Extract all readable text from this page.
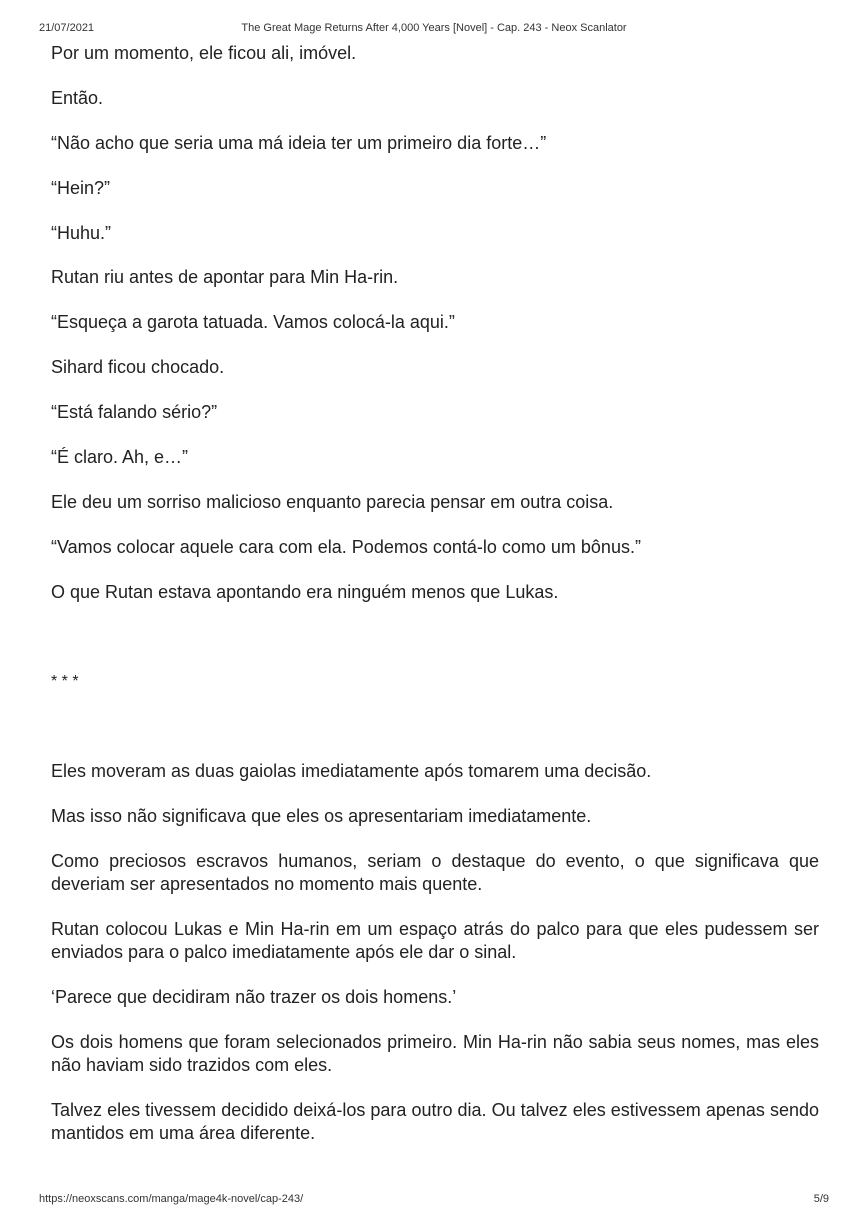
21/07/2021	The Great Mage Returns After 4,000 Years [Novel] - Cap. 243 - Neox Scanlator

Por um momento, ele ficou ali, imóvel.

Então.

“Não acho que seria uma má ideia ter um primeiro dia forte…”

“Hein?”

“Huhu.”

Rutan riu antes de apontar para Min Ha-rin.

“Esqueça a garota tatuada. Vamos colocá-la aqui.”

Sihard ficou chocado.

“Está falando sério?”

“É claro. Ah, e…”

Ele deu um sorriso malicioso enquanto parecia pensar em outra coisa.

“Vamos colocar aquele cara com ela. Podemos contá-lo como um bônus.”

O que Rutan estava apontando era ninguém menos que Lukas.

* * *

Eles moveram as duas gaiolas imediatamente após tomarem uma decisão.

Mas isso não significava que eles os apresentariam imediatamente.

Como preciosos escravos humanos, seriam o destaque do evento, o que significava que deveriam ser apresentados no momento mais quente.

Rutan colocou Lukas e Min Ha-rin em um espaço atrás do palco para que eles pudessem ser enviados para o palco imediatamente após ele dar o sinal.

‘Parece que decidiram não trazer os dois homens.’

Os dois homens que foram selecionados primeiro. Min Ha-rin não sabia seus nomes, mas eles não haviam sido trazidos com eles.

Talvez eles tivessem decidido deixá-los para outro dia. Ou talvez eles estivessem apenas sendo mantidos em uma área diferente.

https://neoxscans.com/manga/mage4k-novel/cap-243/	5/9
